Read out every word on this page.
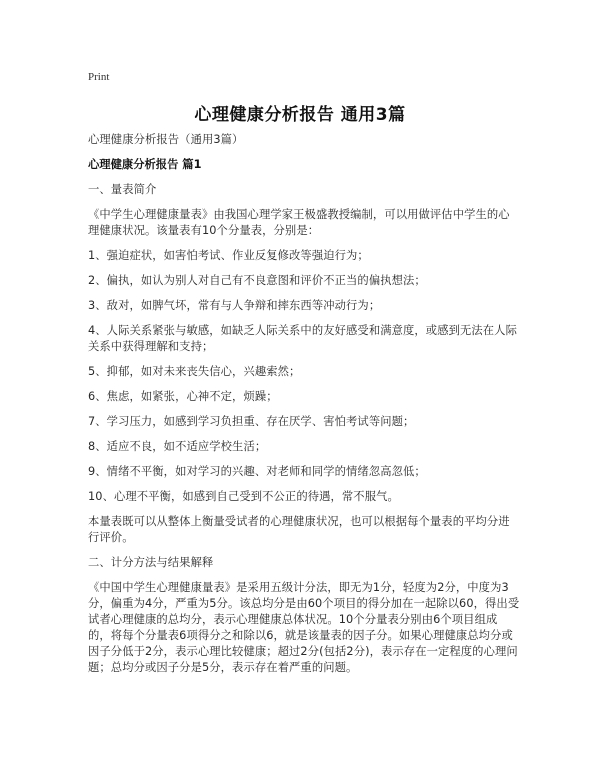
Print
心理健康分析报告 通用3篇

心理健康分析报告（通用3篇）

心理健康分析报告 篇1

一、量表简介

《中学生心理健康量表》由我国心理学家王极盛教授编制，可以用做评估中学生的心理健康状况。该量表有10个分量表，分别是：

1、强迫症状，如害怕考试、作业反复修改等强迫行为；

2、偏执，如认为别人对自己有不良意图和评价不正当的偏执想法；

3、敌对，如脾气坏，常有与人争辩和摔东西等冲动行为；

4、人际关系紧张与敏感，如缺乏人际关系中的友好感受和满意度，或感到无法在人际关系中获得理解和支持；

5、抑郁，如对未来丧失信心，兴趣索然；

6、焦虑，如紧张，心神不定，烦躁；

7、学习压力，如感到学习负担重、存在厌学、害怕考试等问题；

8、适应不良，如不适应学校生活；

9、情绪不平衡，如对学习的兴趣、对老师和同学的情绪忽高忽低；

10、心理不平衡，如感到自己受到不公正的待遇，常不服气。

本量表既可以从整体上衡量受试者的心理健康状况，也可以根据每个量表的平均分进行评价。

二、计分方法与结果解释

《中国中学生心理健康量表》是采用五级计分法，即无为1分，轻度为2分，中度为3分，偏重为4分，严重为5分。该总均分是由60个项目的得分加在一起除以60，得出受试者心理健康的总均分，表示心理健康总体状况。10个分量表分别由6个项目组成的，将每个分量表6项得分之和除以6，就是该量表的因子分。如果心理健康总均分或因子分低于2分，表示心理比较健康；超过2分(包括2分)，表示存在一定程度的心理问题；总均分或因子分是5分，表示存在着严重的问题。
